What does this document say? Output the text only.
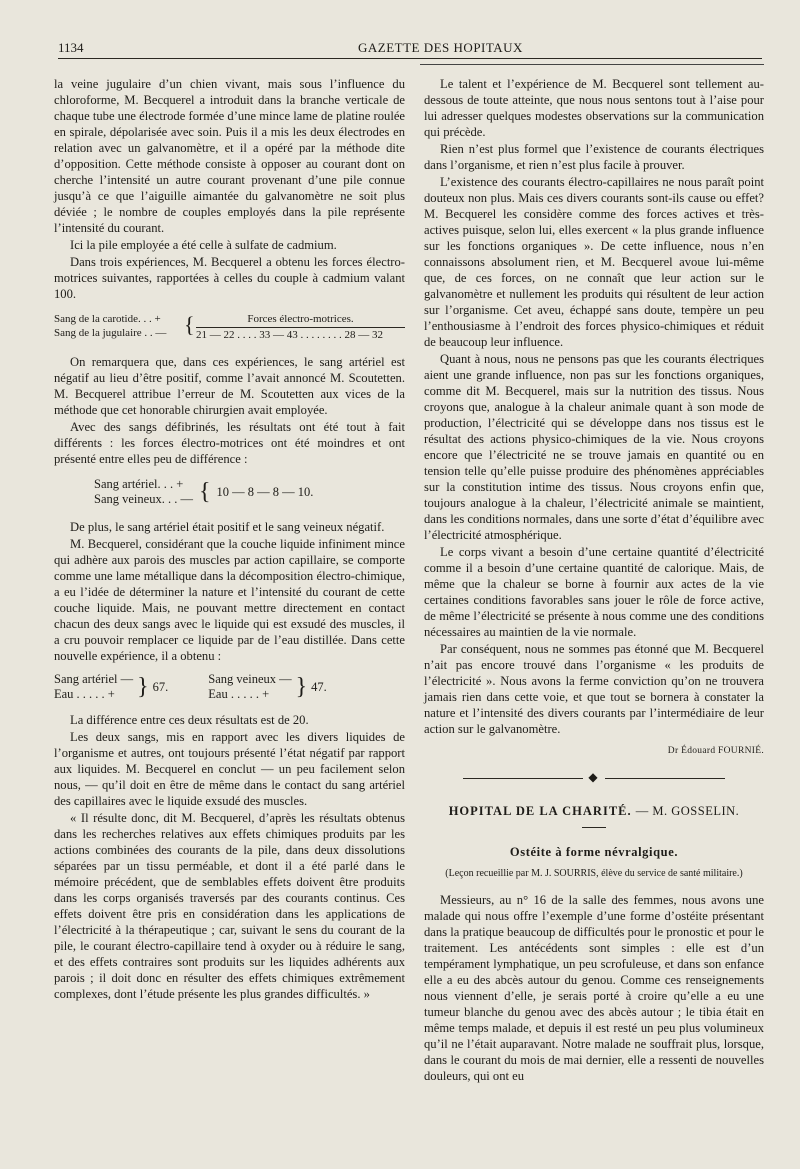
1134	GAZETTE DES HOPITAUX

la veine jugulaire d’un chien vivant, mais sous l’influence du chloroforme, M. Becquerel a introduit dans la branche verticale de chaque tube une électrode formée d’une mince lame de platine roulée en spirale, dépolarisée avec soin. Puis il a mis les deux électrodes en relation avec un galvanomètre, et il a opéré par la méthode dite d’opposition. Cette méthode consiste à opposer au courant dont on cherche l’intensité un autre courant provenant d’une pile connue jusqu’à ce que l’aiguille aimantée du galvanomètre ne soit plus déviée ; le nombre de couples employés dans la pile représente l’intensité du courant.

Ici la pile employée a été celle à sulfate de cadmium.

Dans trois expériences, M. Becquerel a obtenu les forces électro-motrices suivantes, rapportées à celles du couple à cadmium valant 100.

Sang de la carotide. . . +
Sang de la jugulaire . . — {	Forces électro-motrices.
21 — 22 . . . . 33 — 43 . . . . . . . . 28 — 32

On remarquera que, dans ces expériences, le sang artériel est négatif au lieu d’être positif, comme l’avait annoncé M. Scoutetten. M. Becquerel attribue l’erreur de M. Scoutetten aux vices de la méthode que cet honorable chirurgien avait employée.

Avec des sangs défibrinés, les résultats ont été tout à fait différents : les forces électro-motrices ont été moindres et ont présenté entre elles peu de différence :

Sang artériel. . . +
Sang veineux. . . — { 10 — 8 — 8 — 10.

De plus, le sang artériel était positif et le sang veineux négatif.

M. Becquerel, considérant que la couche liquide infiniment mince qui adhère aux parois des muscles par action capillaire, se comporte comme une lame métallique dans la décomposition électro-chimique, a eu l’idée de déterminer la nature et l’intensité du courant de cette couche liquide. Mais, ne pouvant mettre directement en contact chacun des deux sangs avec le liquide qui est exsudé des muscles, il a cru pouvoir remplacer ce liquide par de l’eau distillée. Dans cette nouvelle expérience, il a obtenu :

Sang artériel —
Eau . . . . . + } 67.
Sang veineux —
Eau . . . . . +	} 47.

La différence entre ces deux résultats est de 20.

Les deux sangs, mis en rapport avec les divers liquides de l’organisme et autres, ont toujours présenté l’état négatif par rapport aux liquides. M. Becquerel en conclut — un peu facilement selon nous, — qu’il doit en être de même dans le contact du sang artériel des capillaires avec le liquide exsudé des muscles.

« Il résulte donc, dit M. Becquerel, d’après les résultats obtenus dans les recherches relatives aux effets chimiques produits par les actions combinées des courants de la pile, dans deux dissolutions séparées par un tissu perméable, et dont il a été parlé dans le mémoire précédent, que de semblables effets doivent être produits dans les corps organisés traversés par des courants continus. Ces effets doivent être pris en considération dans les applications de l’électricité à la thérapeutique ; car, suivant le sens du courant de la pile, le courant électro-capillaire tend à oxyder ou à réduire le sang, et des effets contraires sont produits sur les liquides adhérents aux parois ; il doit donc en résulter des effets chimiques extrêmement complexes, dont l’étude présente les plus grandes difficultés. »

Le talent et l’expérience de M. Becquerel sont tellement au-dessous de toute atteinte, que nous nous sentons tout à l’aise pour lui adresser quelques modestes observations sur la communication qui précède.

Rien n’est plus formel que l’existence de courants électriques dans l’organisme, et rien n’est plus facile à prouver.

L’existence des courants électro-capillaires ne nous paraît point douteux non plus. Mais ces divers courants sont-ils cause ou effet? M. Becquerel les considère comme des forces actives et très-actives puisque, selon lui, elles exercent « la plus grande influence sur les fonctions organiques ». De cette influence, nous n’en connaissons absolument rien, et M. Becquerel avoue lui-même que, de ces forces, on ne connaît que leur action sur le galvanomètre et nullement les produits qui résultent de leur action sur l’organisme. Cet aveu, échappé sans doute, tempère un peu l’enthousiasme à l’endroit des forces physico-chimiques et réduit de beaucoup leur influence.

Quant à nous, nous ne pensons pas que les courants électriques aient une grande influence, non pas sur les fonctions organiques, comme dit M. Becquerel, mais sur la nutrition des tissus. Nous croyons que, analogue à la chaleur animale quant à son mode de production, l’électricité qui se développe dans nos tissus est le résultat des actions physico-chimiques de la vie. Nous croyons encore que l’électricité ne se trouve jamais en quantité ou en tension telle qu’elle puisse produire des phénomènes appréciables sur la constitution intime des tissus. Nous croyons enfin que, toujours analogue à la chaleur, l’électricité animale se maintient, dans les conditions normales, dans une sorte d’état d’équilibre avec l’électricité atmosphérique.

Le corps vivant a besoin d’une certaine quantité d’électricité comme il a besoin d’une certaine quantité de calorique. Mais, de même que la chaleur se borne à fournir aux actes de la vie certaines conditions favorables sans jouer le rôle de force active, de même l’électricité se présente à nous comme une des conditions nécessaires au maintien de la vie normale.

Par conséquent, nous ne sommes pas étonné que M. Becquerel n’ait pas encore trouvé dans l’organisme « les produits de l’électricité ». Nous avons la ferme conviction qu’on ne trouvera jamais rien dans cette voie, et que tout se bornera à constater la nature et l’intensité des divers courants par l’intermédiaire de leur action sur le galvanomètre.

Dr Édouard FOURNIÉ.
◆
HOPITAL DE LA CHARITÉ. — M. GOSSELIN.
Ostéite à forme névralgique.
(Leçon recueillie par M. J. SOURRIS, élève du service de santé militaire.)

Messieurs, au n° 16 de la salle des femmes, nous avons une malade qui nous offre l’exemple d’une forme d’ostéite présentant dans la pratique beaucoup de difficultés pour le pronostic et pour le traitement. Les antécédents sont simples : elle est d’un tempérament lymphatique, un peu scrofuleuse, et dans son enfance elle a eu des abcès autour du genou. Comme ces renseignements nous viennent d’elle, je serais porté à croire qu’elle a eu une tumeur blanche du genou avec des abcès autour ; le tibia était en même temps malade, et depuis il est resté un peu plus volumineux qu’il ne l’était auparavant. Notre malade ne souffrait plus, lorsque, dans le courant du mois de mai dernier, elle a ressenti de nouvelles douleurs, qui ont eu
